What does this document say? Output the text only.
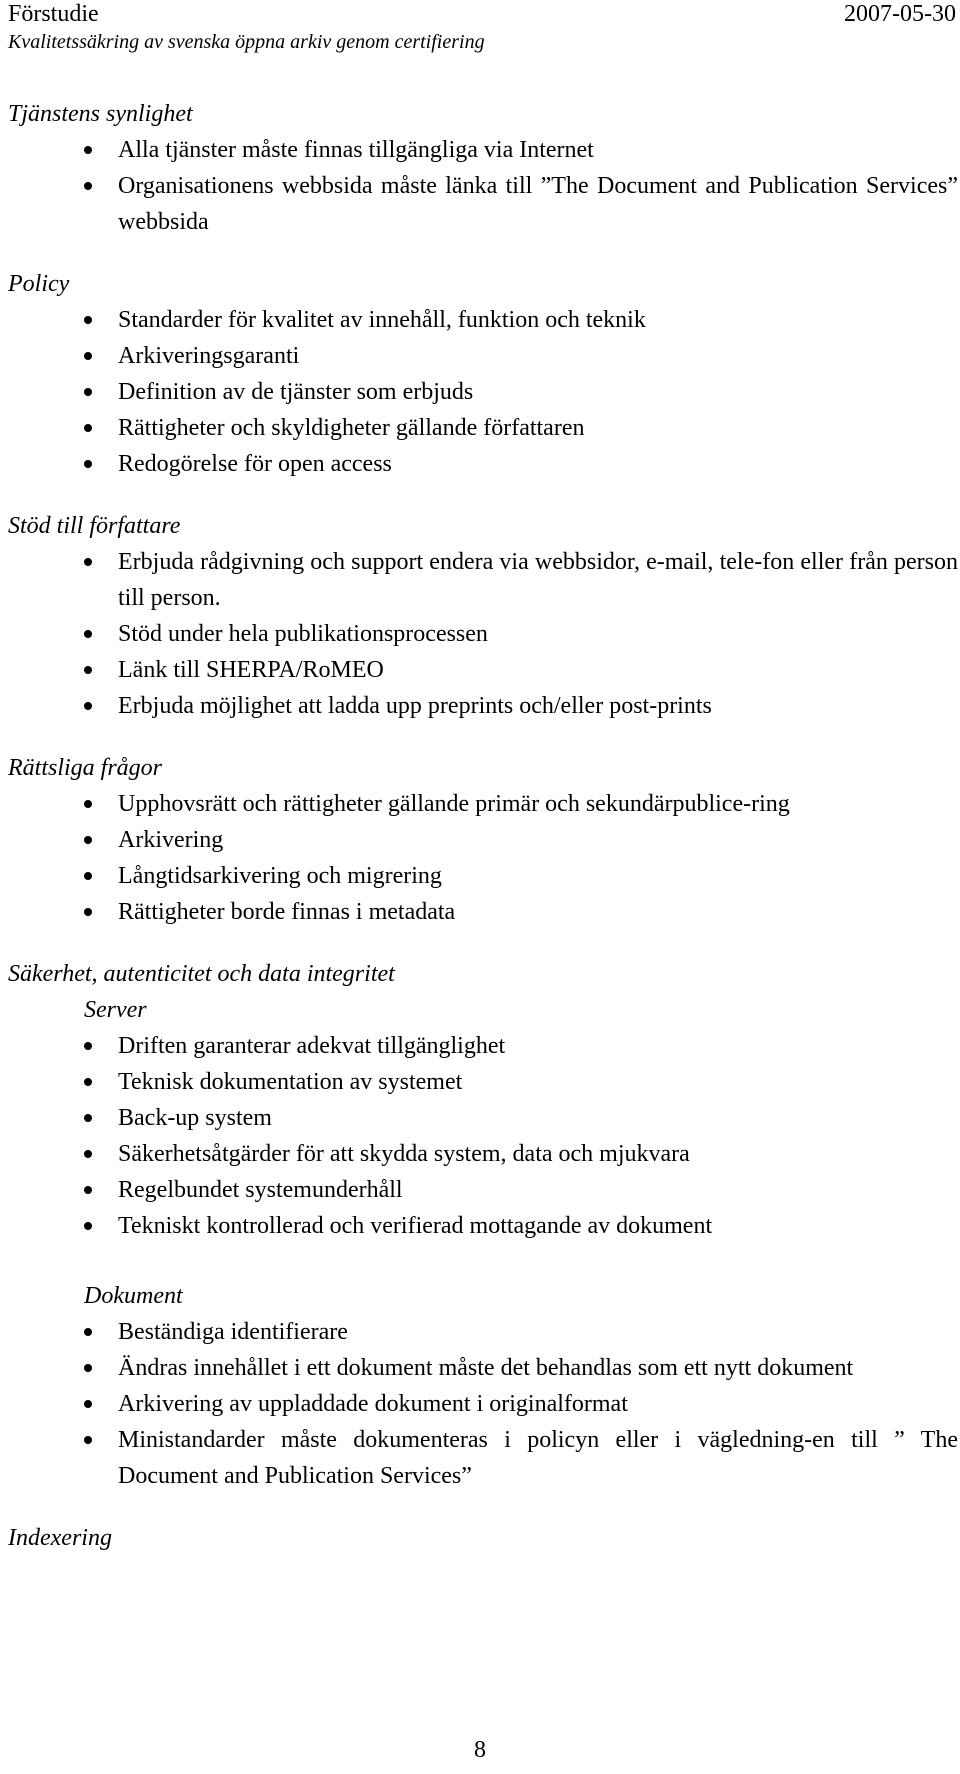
Förstudie	2007-05-30
Kvalitetssäkring av svenska öppna arkiv genom certifiering

Tjänstens synlighet

Alla tjänster måste finnas tillgängliga via Internet
Organisationens webbsida måste länka till ”The Document and Publication Services” webbsida

Policy

Standarder för kvalitet av innehåll, funktion och teknik
Arkiveringsgaranti
Definition av de tjänster som erbjuds
Rättigheter och skyldigheter gällande författaren
Redogörelse för open access

Stöd till författare

Erbjuda rådgivning och support endera via webbsidor, e-mail, tele-fon eller från person till person.
Stöd under hela publikationsprocessen
Länk till SHERPA/RoMEO
Erbjuda möjlighet att ladda upp preprints och/eller post-prints

Rättsliga frågor

Upphovsrätt och rättigheter gällande primär och sekundärpublice-ring
Arkivering
Långtidsarkivering och migrering
Rättigheter borde finnas i metadata

Säkerhet, autenticitet och data integritet

Server

Driften garanterar adekvat tillgänglighet
Teknisk dokumentation av systemet
Back-up system
Säkerhetsåtgärder för att skydda system, data och mjukvara
Regelbundet systemunderhåll
Tekniskt kontrollerad och verifierad mottagande av dokument

Dokument

Beständiga identifierare
Ändras innehållet i ett dokument måste det behandlas som ett nytt dokument
Arkivering av uppladdade dokument i originalformat
Ministandarder måste dokumenteras i policyn eller i vägledning-en till ” The Document and Publication Services”

Indexering

8
